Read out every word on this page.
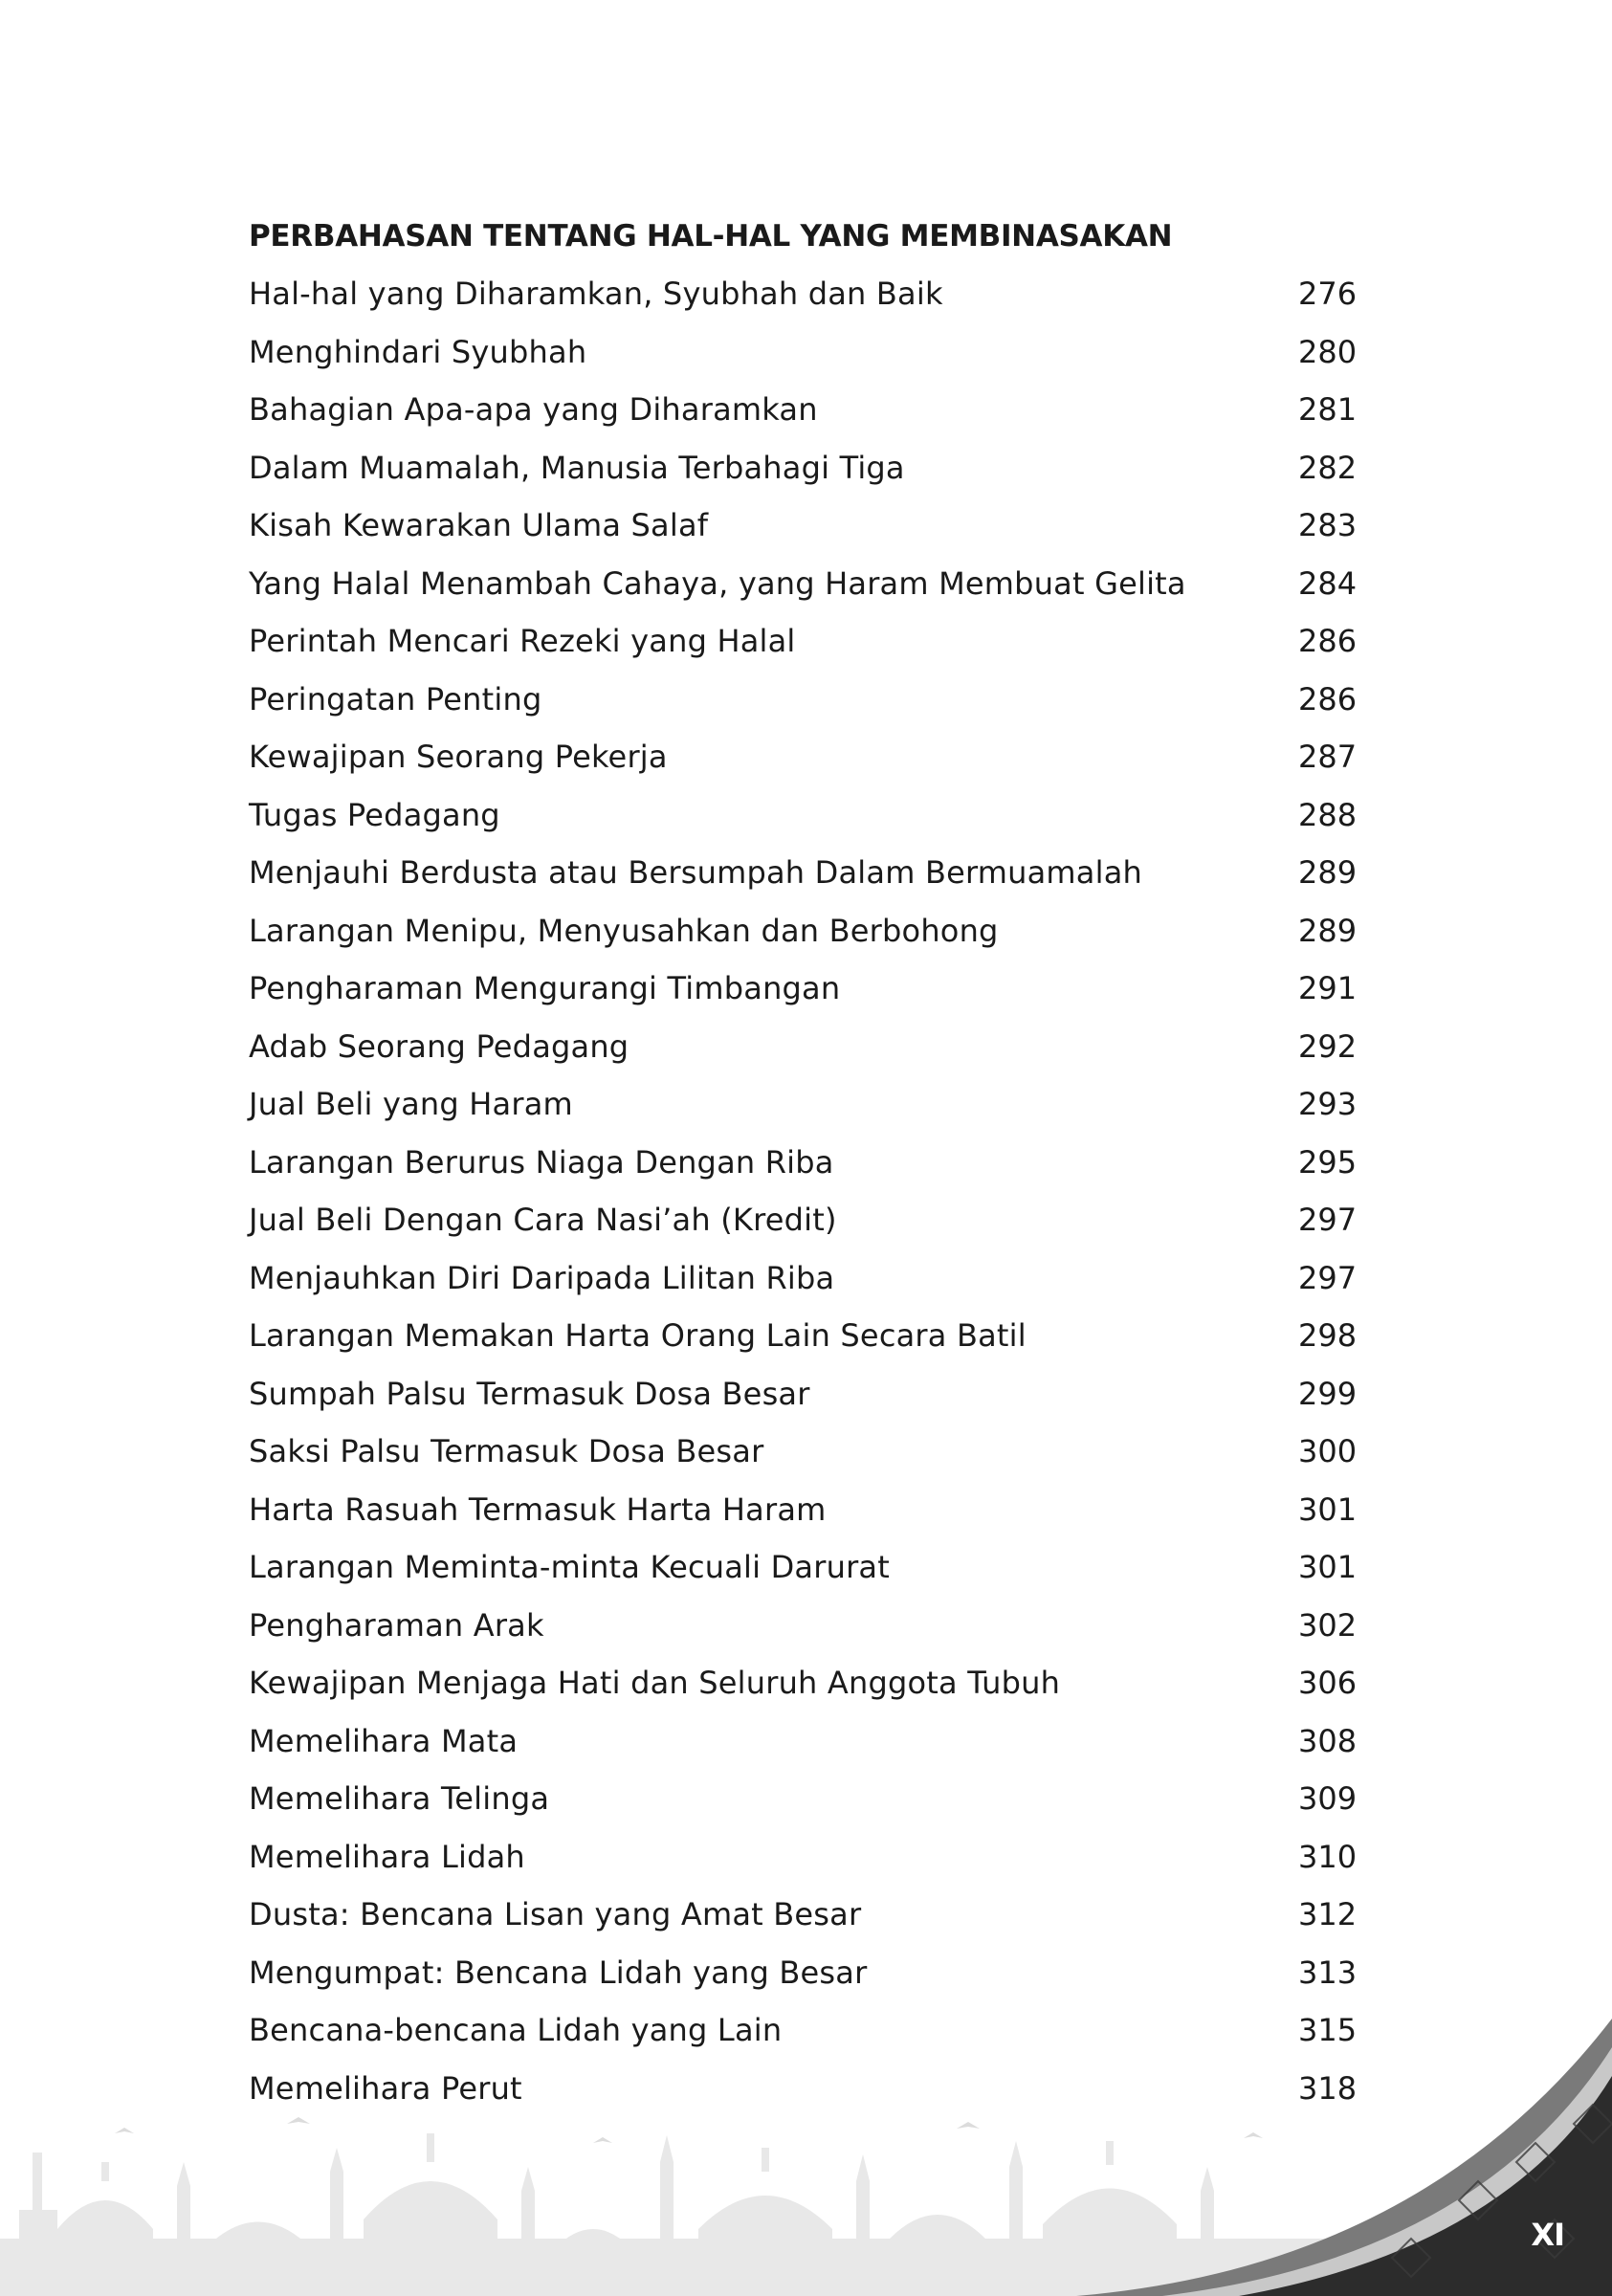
PERBAHASAN TENTANG HAL-HAL YANG MEMBINASAKAN
Hal-hal yang Diharamkan, Syubhah dan Baik	276
Menghindari Syubhah	280
Bahagian Apa-apa yang Diharamkan	281
Dalam Muamalah, Manusia Terbahagi Tiga	282
Kisah Kewarakan Ulama Salaf	283
Yang Halal Menambah Cahaya, yang Haram Membuat Gelita	284
Perintah Mencari Rezeki yang Halal	286
Peringatan Penting	286
Kewajipan Seorang Pekerja	287
Tugas Pedagang	288
Menjauhi Berdusta atau Bersumpah Dalam Bermuamalah	289
Larangan Menipu, Menyusahkan dan Berbohong	289
Pengharaman Mengurangi Timbangan	291
Adab Seorang Pedagang	292
Jual Beli yang Haram	293
Larangan Berurus Niaga Dengan Riba	295
Jual Beli Dengan Cara Nasi’ah (Kredit)	297
Menjauhkan Diri Daripada Lilitan Riba	297
Larangan Memakan Harta Orang Lain Secara Batil	298
Sumpah Palsu Termasuk Dosa Besar	299
Saksi Palsu Termasuk Dosa Besar	300
Harta Rasuah Termasuk Harta Haram	301
Larangan Meminta-minta Kecuali Darurat	301
Pengharaman Arak	302
Kewajipan Menjaga Hati dan Seluruh Anggota Tubuh	306
Memelihara Mata	308
Memelihara Telinga	309
Memelihara Lidah	310
Dusta: Bencana Lisan yang Amat Besar	312
Mengumpat: Bencana Lidah yang Besar	313
Bencana-bencana Lidah yang Lain	315
Memelihara Perut	318
XI
